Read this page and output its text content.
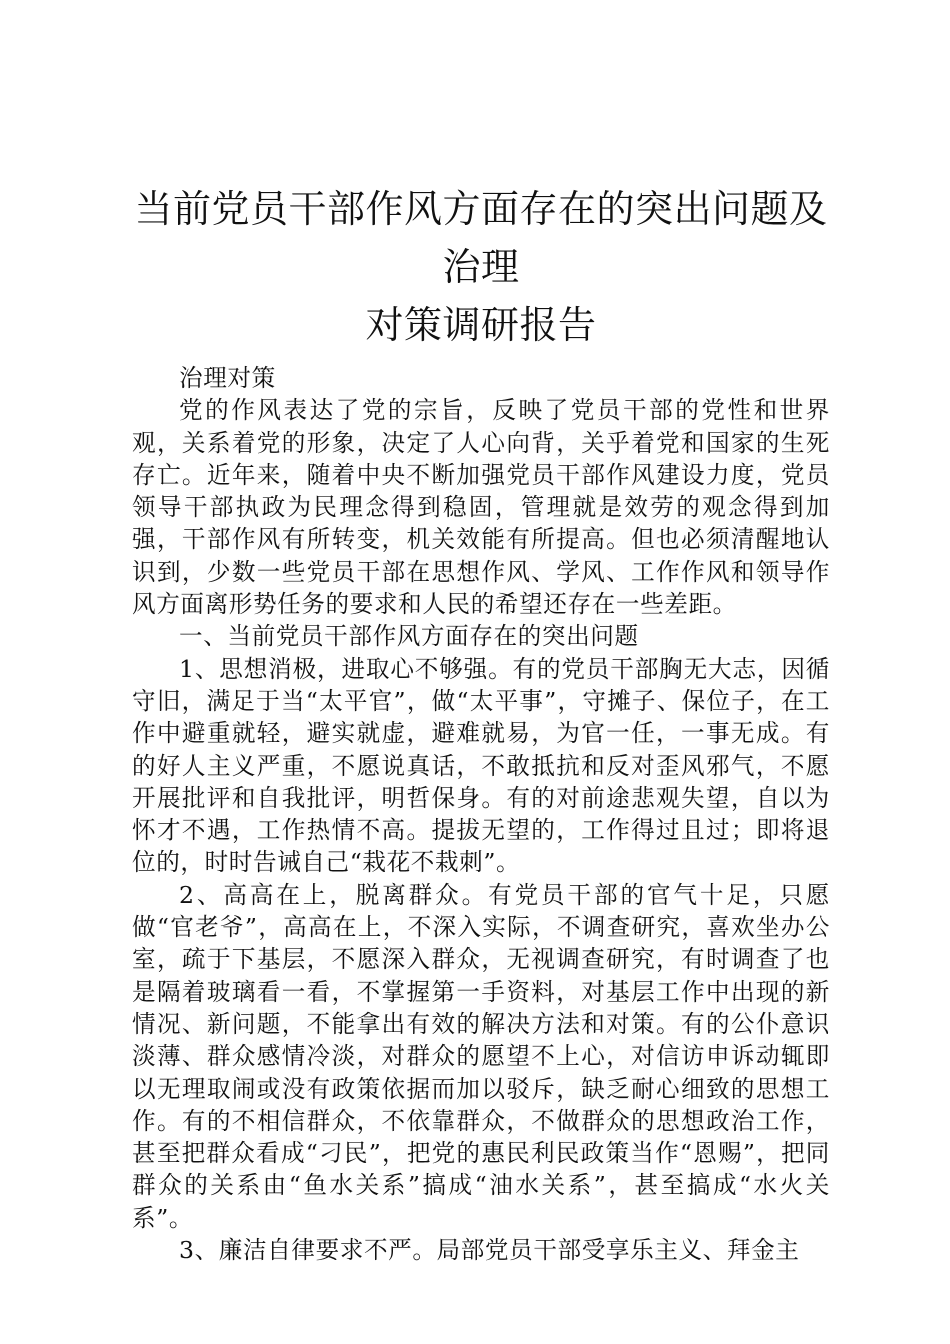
当前党员干部作风方面存在的突出问题及治理
对策调研报告

治理对策

党的作风表达了党的宗旨，反映了党员干部的党性和世界观，关系着党的形象，决定了人心向背，关乎着党和国家的生死存亡。近年来，随着中央不断加强党员干部作风建设力度，党员领导干部执政为民理念得到稳固，管理就是效劳的观念得到加强，干部作风有所转变，机关效能有所提高。但也必须清醒地认识到，少数一些党员干部在思想作风、学风、工作作风和领导作风方面离形势任务的要求和人民的希望还存在一些差距。

一、当前党员干部作风方面存在的突出问题

1、思想消极，进取心不够强。有的党员干部胸无大志，因循守旧，满足于当“太平官”，做“太平事”，守摊子、保位子，在工作中避重就轻，避实就虚，避难就易，为官一任，一事无成。有的好人主义严重，不愿说真话，不敢抵抗和反对歪风邪气，不愿开展批评和自我批评，明哲保身。有的对前途悲观失望，自以为怀才不遇，工作热情不高。提拔无望的，工作得过且过；即将退位的，时时告诫自己“栽花不栽刺”。

2、高高在上，脱离群众。有党员干部的官气十足，只愿做“官老爷”，高高在上，不深入实际，不调查研究，喜欢坐办公室，疏于下基层，不愿深入群众，无视调查研究，有时调查了也是隔着玻璃看一看，不掌握第一手资料，对基层工作中出现的新情况、新问题，不能拿出有效的解决方法和对策。有的公仆意识淡薄、群众感情冷淡，对群众的愿望不上心，对信访申诉动辄即以无理取闹或没有政策依据而加以驳斥，缺乏耐心细致的思想工作。有的不相信群众，不依靠群众，不做群众的思想政治工作，甚至把群众看成“刁民”，把党的惠民利民政策当作“恩赐”，把同群众的关系由“鱼水关系”搞成“油水关系”，甚至搞成“水火关系”。

3、廉洁自律要求不严。局部党员干部受享乐主义、拜金主
